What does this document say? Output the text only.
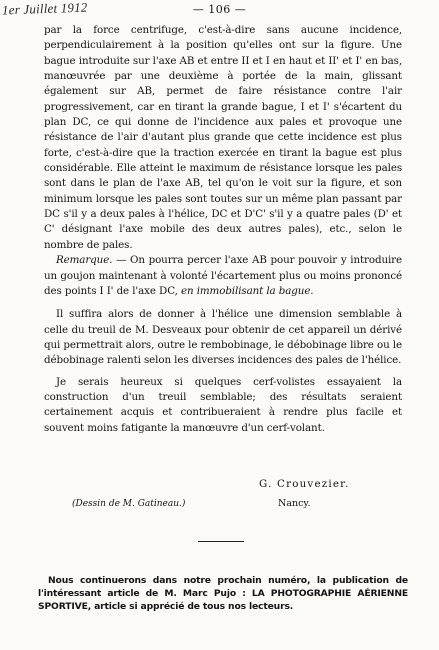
1er Juillet 1912	— 106 —

par la force centrifuge, c'est-à-dire sans aucune incidence, perpendiculairement à la position qu'elles ont sur la figure. Une bague introduite sur l'axe AB et entre II et I en haut et II' et I' en bas, manœuvrée par une deuxième à portée de la main, glissant également sur AB, permet de faire résistance contre l'air progressivement, car en tirant la grande bague, I et I' s'écartent du plan DC, ce qui donne de l'incidence aux pales et provoque une résistance de l'air d'autant plus grande que cette incidence est plus forte, c'est-à-dire que la traction exercée en tirant la bague est plus considérable. Elle atteint le maximum de résistance lorsque les pales sont dans le plan de l'axe AB, tel qu'on le voit sur la figure, et son minimum lorsque les pales sont toutes sur un même plan passant par DC s'il y a deux pales à l'hélice, DC et D'C' s'il y a quatre pales (D' et C' désignant l'axe mobile des deux autres pales), etc., selon le nombre de pales.

Remarque. — On pourra percer l'axe AB pour pouvoir y introduire un goujon maintenant à volonté l'écartement plus ou moins prononcé des points I I' de l'axe DC, en immobilisant la bague.

Il suffira alors de donner à l'hélice une dimension semblable à celle du treuil de M. Desveaux pour obtenir de cet appareil un dérivé qui permettrait alors, outre le rembobinage, le débobinage libre ou le débobinage ralenti selon les diverses incidences des pales de l'hélice.

Je serais heureux si quelques cerf-volistes essayaient la construction d'un treuil semblable; des résultats seraient certainement acquis et contribueraient à rendre plus facile et souvent moins fatigante la manœuvre d'un cerf-volant.

G. Crouvezier.
(Dessin de M. Gatineau.)	Nancy.

Nous continuerons dans notre prochain numéro, la publication de l'intéressant article de M. Marc Pujo : LA PHOTOGRAPHIE AÉRIENNE SPORTIVE, article si apprécié de tous nos lecteurs.
